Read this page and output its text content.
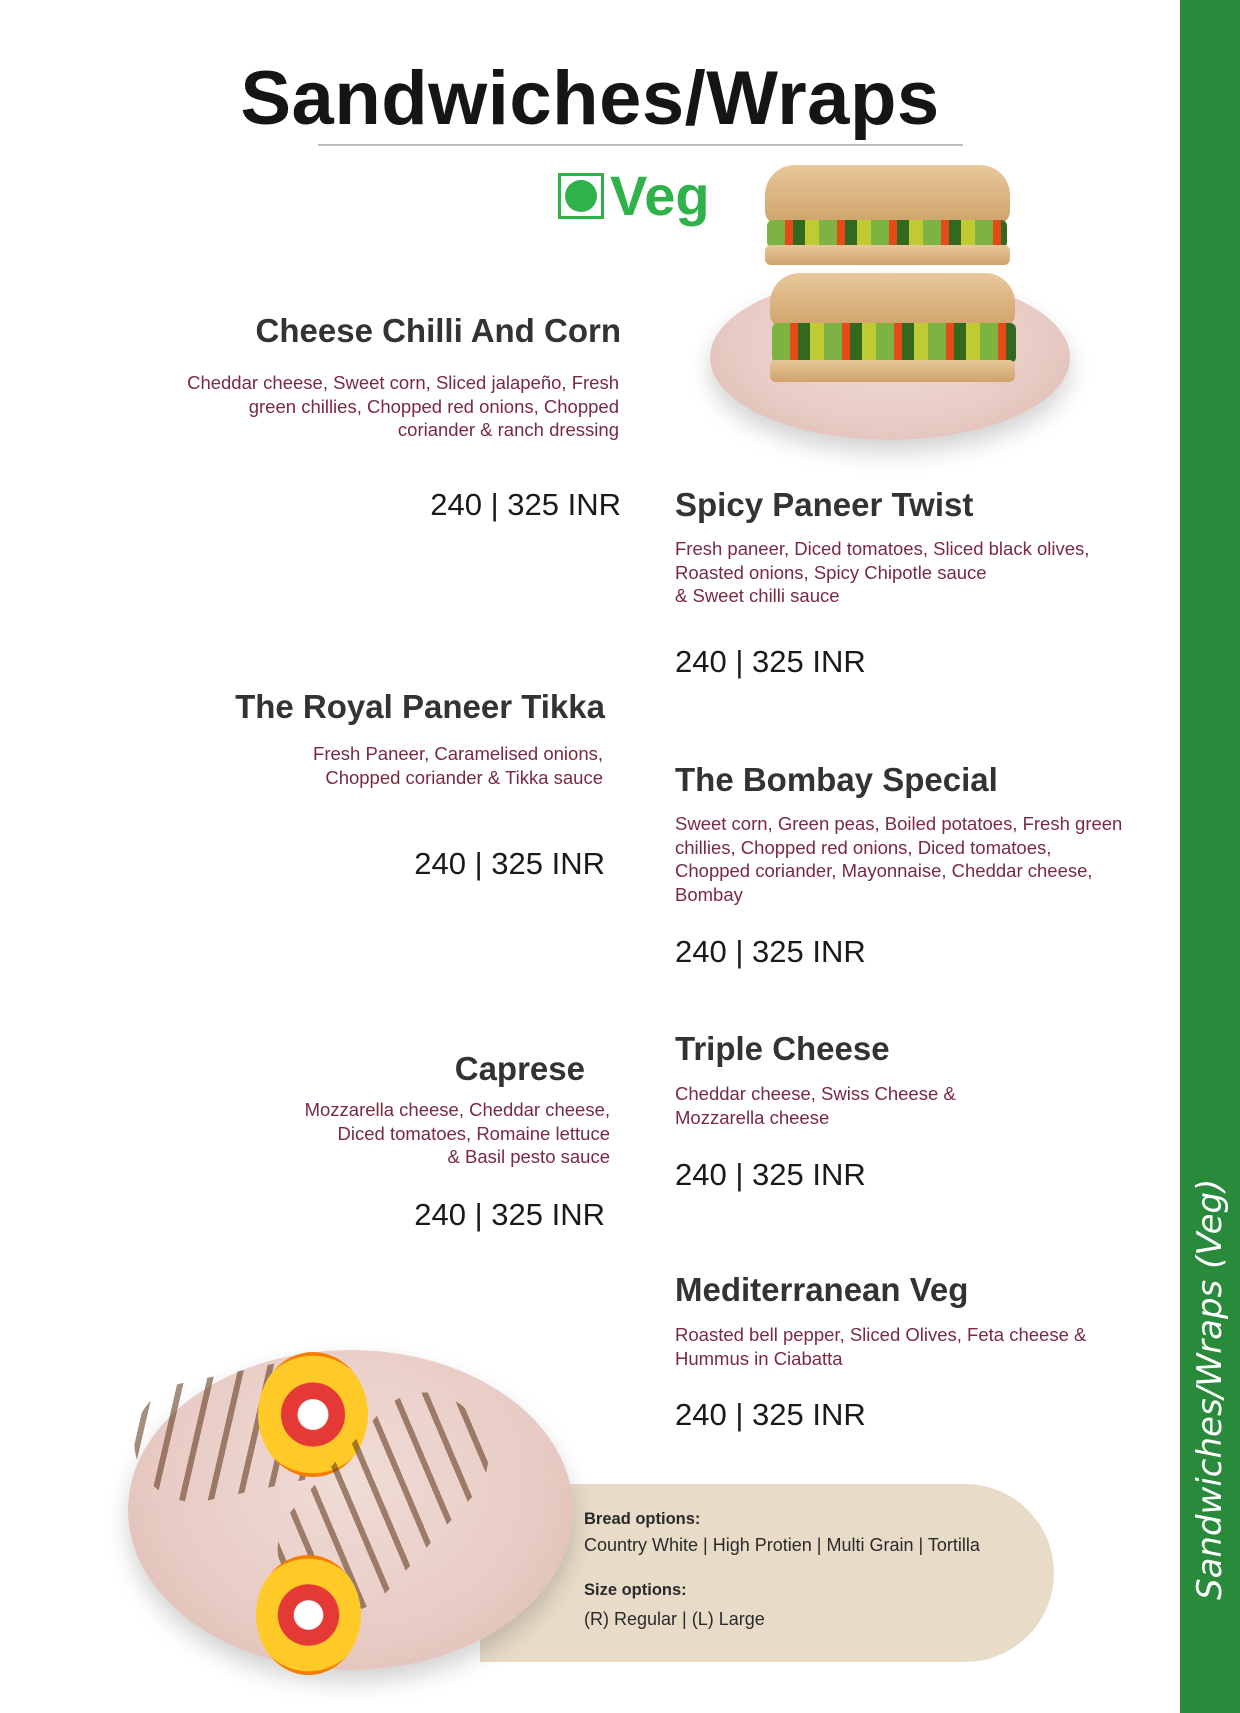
Sandwiches/Wraps
Veg
Cheese Chilli And Corn
Cheddar cheese, Sweet corn, Sliced jalapeño, Fresh
green chillies, Chopped red onions, Chopped
coriander & ranch dressing
240 | 325 INR Spicy Paneer Twist
Fresh paneer, Diced tomatoes, Sliced black olives,
Roasted onions, Spicy Chipotle sauce
& Sweet chilli sauce
240 | 325 INR
The Royal Paneer Tikka
Fresh Paneer, Caramelised onions,
Chopped coriander & Tikka sauce
240 | 325 INR
The Bombay Special
Sweet corn, Green peas, Boiled potatoes, Fresh green
chillies, Chopped red onions, Diced tomatoes,
Chopped coriander, Mayonnaise, Cheddar cheese,
Bombay
240 | 325 INR
Triple Cheese
Cheddar cheese, Swiss Cheese &
Mozzarella cheese
240 | 325 INR
Caprese
Mozzarella cheese, Cheddar cheese,
Diced tomatoes, Romaine lettuce
& Basil pesto sauce
240 | 325 INR
Mediterranean Veg
Roasted bell pepper, Sliced Olives, Feta cheese &
Hummus in Ciabatta
240 | 325 INR
Bread options:
Country White | High Protien | Multi Grain | Tortilla
Size options:
(R) Regular | (L) Large
Sandwiches/Wraps (Veg)
